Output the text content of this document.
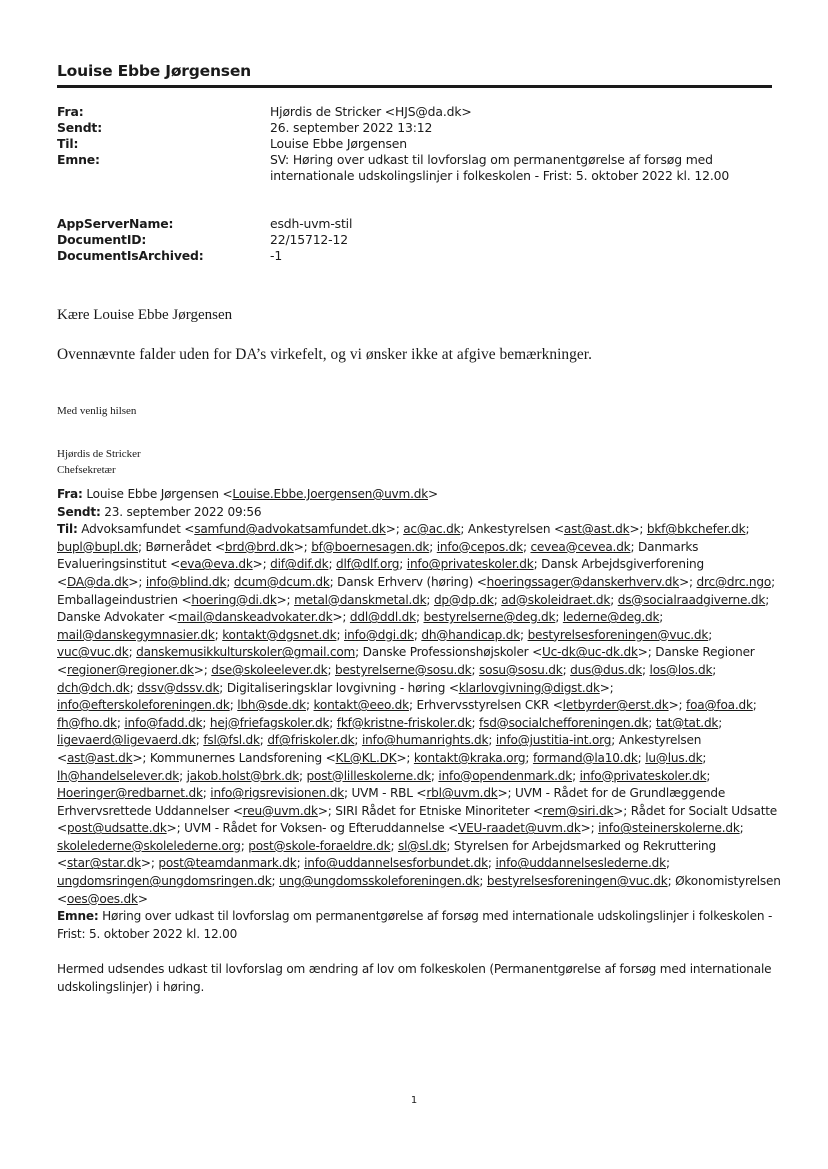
Louise Ebbe Jørgensen
Fra:	Hjørdis de Stricker <HJS@da.dk>
Sendt:	26. september 2022 13:12
Til:	Louise Ebbe Jørgensen
Emne:	SV: Høring over udkast til lovforslag om permanentgørelse af forsøg med internationale udskolingslinjer i folkeskolen - Frist: 5. oktober 2022 kl. 12.00
AppServerName:	esdh-uvm-stil
DocumentID:	22/15712-12
DocumentIsArchived:	-1
Kære Louise Ebbe Jørgensen
Ovennævnte falder uden for DA’s virkefelt, og vi ønsker ikke at afgive bemærkninger.
Med venlig hilsen
Hjørdis de Stricker
Chefsekretær

Fra: Louise Ebbe Jørgensen <Louise.Ebbe.Joergensen@uvm.dk>

Sendt: 23. september 2022 09:56

Til: Advoksamfundet <samfund@advokatsamfundet.dk>; ac@ac.dk; Ankestyrelsen <ast@ast.dk>; bkf@bkchefer.dk; bupl@bupl.dk; Børnerådet <brd@brd.dk>; bf@boernesagen.dk; info@cepos.dk; cevea@cevea.dk; Danmarks Evalueringsinstitut <eva@eva.dk>; dif@dif.dk; dlf@dlf.org; info@privateskoler.dk; Dansk Arbejdsgiverforening <DA@da.dk>; info@blind.dk; dcum@dcum.dk; Dansk Erhverv (høring) <hoeringssager@danskerhverv.dk>; drc@drc.ngo; Emballageindustrien <hoering@di.dk>; metal@danskmetal.dk; dp@dp.dk; ad@skoleidraet.dk; ds@socialraadgiverne.dk; Danske Advokater <mail@danskeadvokater.dk>; ddl@ddl.dk; bestyrelserne@deg.dk; lederne@deg.dk; mail@danskegymnasier.dk; kontakt@dgsnet.dk; info@dgi.dk; dh@handicap.dk; bestyrelsesforeningen@vuc.dk; vuc@vuc.dk; danskemusikkulturskoler@gmail.com; Danske Professionshøjskoler <Uc-dk@uc-dk.dk>; Danske Regioner <regioner@regioner.dk>; dse@skoleelever.dk; bestyrelserne@sosu.dk; sosu@sosu.dk; dus@dus.dk; los@los.dk; dch@dch.dk; dssv@dssv.dk; Digitaliseringsklar lovgivning - høring <klarlovgivning@digst.dk>; info@efterskoleforeningen.dk; lbh@sde.dk; kontakt@eeo.dk; Erhvervsstyrelsen CKR <letbyrder@erst.dk>; foa@foa.dk; fh@fho.dk; info@fadd.dk; hej@friefagskoler.dk; fkf@kristne-friskoler.dk; fsd@socialchefforeningen.dk; tat@tat.dk; ligevaerd@ligevaerd.dk; fsl@fsl.dk; df@friskoler.dk; info@humanrights.dk; info@justitia-int.org; Ankestyrelsen <ast@ast.dk>; Kommunernes Landsforening <KL@KL.DK>; kontakt@kraka.org; formand@la10.dk; lu@lus.dk; lh@handelselever.dk; jakob.holst@brk.dk; post@lilleskolerne.dk; info@opendenmark.dk; info@privateskoler.dk; Hoeringer@redbarnet.dk; info@rigsrevisionen.dk; UVM - RBL <rbl@uvm.dk>; UVM - Rådet for de Grundlæggende Erhvervsrettede Uddannelser <reu@uvm.dk>; SIRI Rådet for Etniske Minoriteter <rem@siri.dk>; Rådet for Socialt Udsatte <post@udsatte.dk>; UVM - Rådet for Voksen- og Efteruddannelse <VEU-raadet@uvm.dk>; info@steinerskolerne.dk; skolelederne@skolelederne.org; post@skole-foraeldre.dk; sl@sl.dk; Styrelsen for Arbejdsmarked og Rekruttering <star@star.dk>; post@teamdanmark.dk; info@uddannelsesforbundet.dk; info@uddannelseslederne.dk; ungdomsringen@ungdomsringen.dk; ung@ungdomsskoleforeningen.dk; bestyrelsesforeningen@vuc.dk; Økonomistyrelsen <oes@oes.dk>

Emne: Høring over udkast til lovforslag om permanentgørelse af forsøg med internationale udskolingslinjer i folkeskolen - Frist: 5. oktober 2022 kl. 12.00

Hermed udsendes udkast til lovforslag om ændring af lov om folkeskolen (Permanentgørelse af forsøg med internationale udskolingslinjer) i høring.

1
